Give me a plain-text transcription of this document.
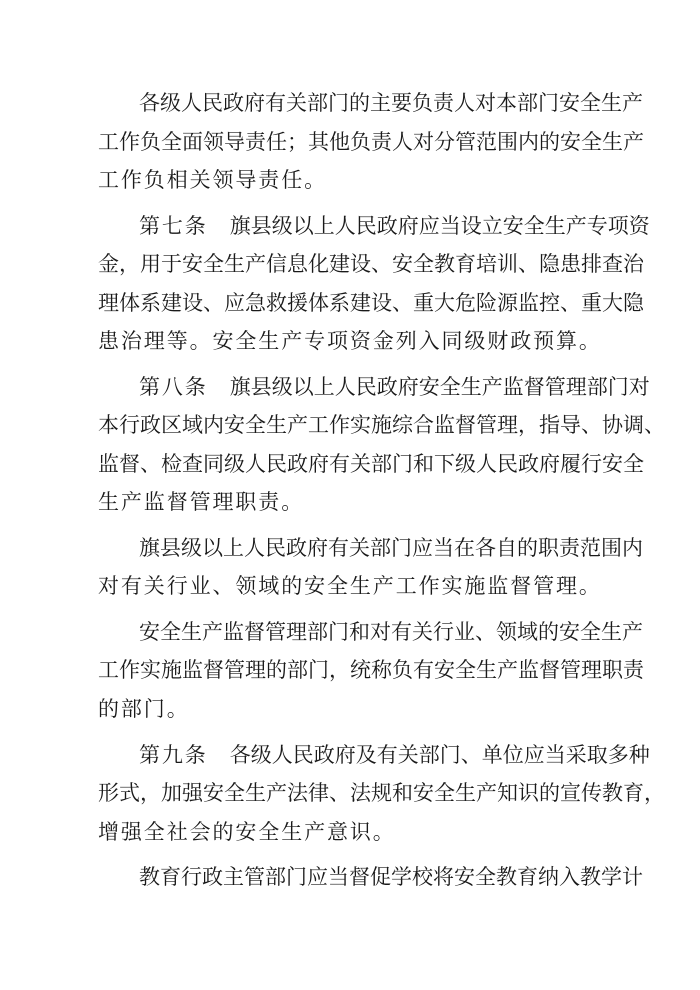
各级人民政府有关部门的主要负责人对本部门安全生产
工作负全面领导责任；其他负责人对分管范围内的安全生产
工作负相关领导责任。
第七条 旗县级以上人民政府应当设立安全生产专项资
金，用于安全生产信息化建设、安全教育培训、隐患排查治
理体系建设、应急救援体系建设、重大危险源监控、重大隐
患治理等。安全生产专项资金列入同级财政预算。
第八条 旗县级以上人民政府安全生产监督管理部门对
本行政区域内安全生产工作实施综合监督管理，指导、协调、
监督、检查同级人民政府有关部门和下级人民政府履行安全
生产监督管理职责。
旗县级以上人民政府有关部门应当在各自的职责范围内
对有关行业、领域的安全生产工作实施监督管理。
安全生产监督管理部门和对有关行业、领域的安全生产
工作实施监督管理的部门，统称负有安全生产监督管理职责
的部门。
第九条 各级人民政府及有关部门、单位应当采取多种
形式，加强安全生产法律、法规和安全生产知识的宣传教育，
增强全社会的安全生产意识。
教育行政主管部门应当督促学校将安全教育纳入教学计
